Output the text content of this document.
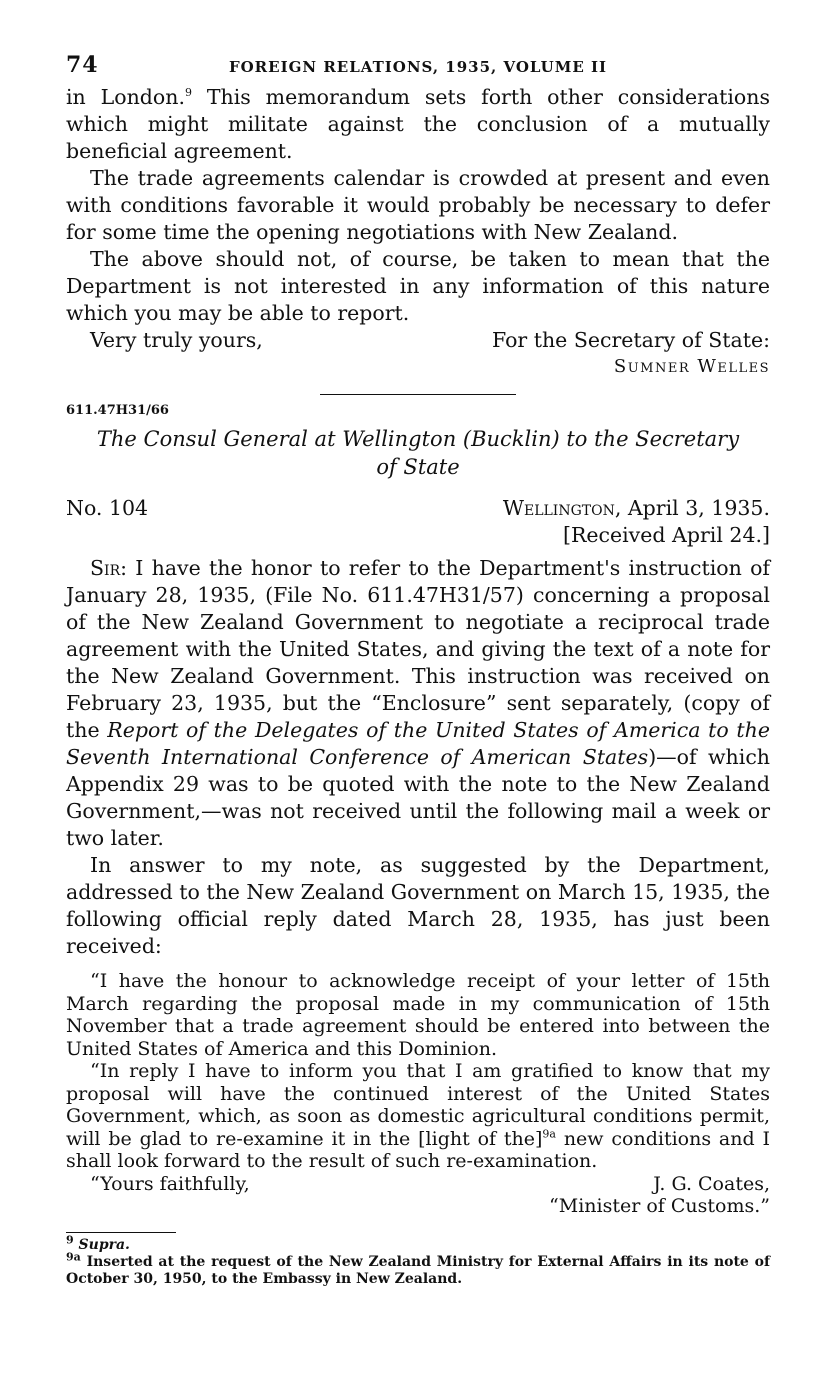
74	FOREIGN RELATIONS, 1935, VOLUME II

in London.$^9$ This memorandum sets forth other considerations which might militate against the conclusion of a mutually beneficial agreement.

The trade agreements calendar is crowded at present and even with conditions favorable it would probably be necessary to defer for some time the opening negotiations with New Zealand.

The above should not, of course, be taken to mean that the Department is not interested in any information of this nature which you may be able to report.

Very truly yours,	For the Secretary of State:
Sumner Welles
611.47H31/66
The Consul General at Wellington (Bucklin) to the Secretary of State
No. 104	Wellington, April 3, 1935.
[Received April 24.]

Sir: I have the honor to refer to the Department's instruction of January 28, 1935, (File No. 611.47H31/57) concerning a proposal of the New Zealand Government to negotiate a reciprocal trade agreement with the United States, and giving the text of a note for the New Zealand Government. This instruction was received on February 23, 1935, but the “Enclosure” sent separately, (copy of the Report of the Delegates of the United States of America to the Seventh International Conference of American States)—of which Appendix 29 was to be quoted with the note to the New Zealand Government,—was not received until the following mail a week or two later.

In answer to my note, as suggested by the Department, addressed to the New Zealand Government on March 15, 1935, the following official reply dated March 28, 1935, has just been received:

“I have the honour to acknowledge receipt of your letter of 15th March regarding the proposal made in my communication of 15th November that a trade agreement should be entered into between the United States of America and this Dominion.

“In reply I have to inform you that I am gratified to know that my proposal will have the continued interest of the United States Government, which, as soon as domestic agricultural conditions permit, will be glad to re-examine it in the [light of the]$^{9a}$ new conditions and I shall look forward to the result of such re-examination.

“Yours faithfully,	J. G. Coates,
“Minister of Customs.”

$^9$ Supra.

$^{9a}$ Inserted at the request of the New Zealand Ministry for External Affairs in its note of October 30, 1950, to the Embassy in New Zealand.
